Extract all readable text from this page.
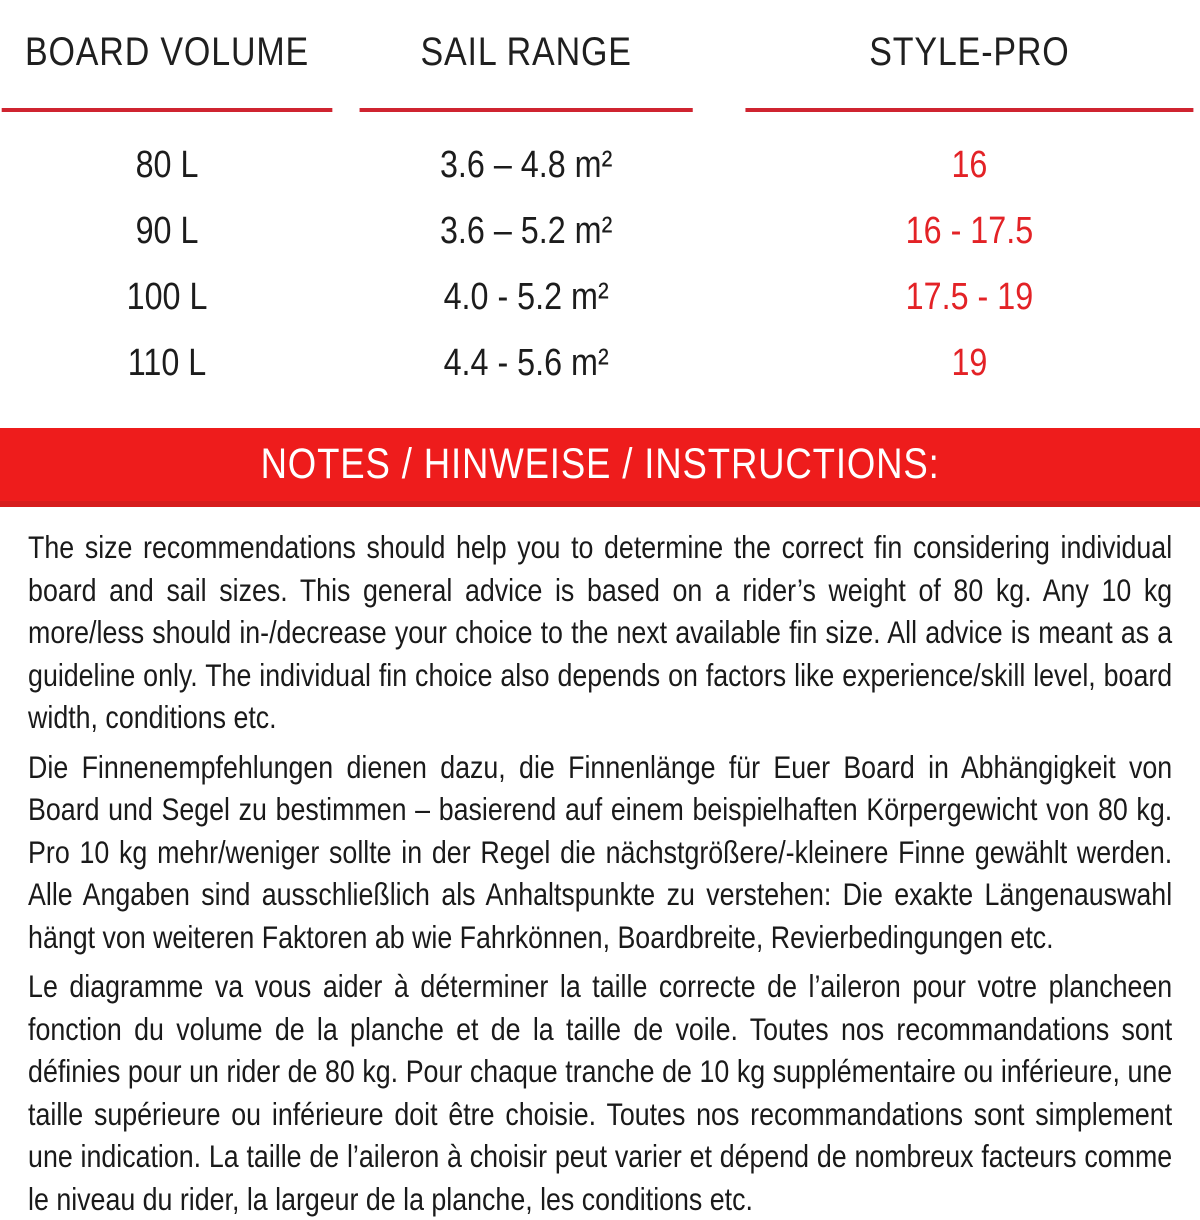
BOARD VOLUME	SAIL RANGE	STYLE-PRO
80 L	3.6 – 4.8 m²	16
90 L	3.6 – 5.2 m²	16 - 17.5
100 L	4.0 - 5.2 m²	17.5 - 19
110 L	4.4 - 5.6 m²	19
NOTES / HINWEISE / INSTRUCTIONS:

The size recommendations should help you to determine the correct fin considering individual board and sail sizes. This general advice is based on a rider’s weight of 80 kg. Any 10 kg more/less should in-/decrease your choice to the next available fin size. All advice is meant as a guideline only. The individual fin choice also depends on factors like experience/skill level, board width, conditions etc.

Die Finnenempfehlungen dienen dazu, die Finnenlänge für Euer Board in Abhängigkeit von Board und Segel zu bestimmen – basierend auf einem beispielhaften Körpergewicht von 80 kg. Pro 10 kg mehr/weniger sollte in der Regel die nächstgrößere/-kleinere Finne gewählt werden. Alle Angaben sind ausschließlich als Anhaltspunkte zu verstehen: Die exakte Längenauswahl hängt von weiteren Faktoren ab wie Fahrkönnen, Boardbreite, Revierbedingungen etc.

Le diagramme va vous aider à déterminer la taille correcte de l’aileron pour votre plancheen fonction du volume de la planche et de la taille de voile. Toutes nos recommandations sont définies pour un rider de 80 kg. Pour chaque tranche de 10 kg supplémentaire ou inférieure, une taille supérieure ou inférieure doit être choisie. Toutes nos recommandations sont simplement une indication. La taille de l’aileron à choisir peut varier et dépend de nombreux facteurs comme le niveau du rider, la largeur de la planche, les conditions etc.
